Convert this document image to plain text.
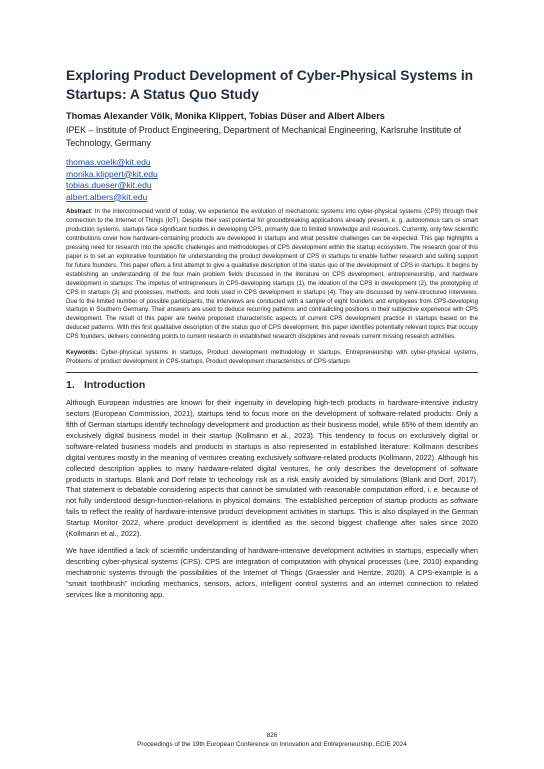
Exploring Product Development of Cyber-Physical Systems in Startups: A Status Quo Study

Thomas Alexander Völk, Monika Klippert, Tobias Düser and Albert Albers

IPEK – Institute of Product Engineering, Department of Mechanical Engineering, Karlsruhe Institute of Technology, Germany

thomas.voelk@kit.edu
monika.klippert@kit.edu
tobias.dueser@kit.edu
albert.albers@kit.edu

Abstract: In the interconnected world of today, we experience the evolution of mechatronic systems into cyber-physical systems (CPS) through their connection to the Internet of Things (IoT). Despite their vast potential for groundbreaking applications already present, e. g. autonomous cars or smart production systems, startups face significant hurdles in developing CPS, primarily due to limited knowledge and resources. Currently, only few scientific contributions cover how hardware-containing products are developed in startups and what possible challenges can be expected. This gap highlights a pressing need for research into the specific challenges and methodologies of CPS development within the startup ecosystem. The research goal of this paper is to set an explorative foundation for understanding the product development of CPS in startups to enable further research and suiting support for future founders. This paper offers a first attempt to give a qualitative description of the status quo of the development of CPS in startups. It begins by establishing an understanding of the four main problem fields discussed in the literature on CPS development, entrepreneurship, and hardware development in startups: The impetus of entrepreneurs in CPS-developing startups (1), the ideation of the CPS in development (2), the prototyping of CPS in startups (3) and processes, methods, and tools used in CPS development in startups (4). They are discussed by semi-structured interviews. Due to the limited number of possible participants, the interviews are conducted with a sample of eight founders and employees from CPS-developing startups in Southern Germany. Their answers are used to deduce recurring patterns and contradicting positions in their subjective experience with CPS development. The result of this paper are twelve proposed characteristic aspects of current CPS development practice in startups based on the deduced patterns. With this first qualitative description of the status quo of CPS development, this paper identifies potentially relevant topics that occupy CPS founders, delivers connecting points to current research in established research disciplines and reveals current missing research activities.

Keywords: Cyber-physical systems in startups, Product development methodology in startups, Entrepreneurship with cyber-physical systems, Problems of product development in CPS-startups, Product development characteristics of CPS-startups

1. Introduction

Although European industries are known for their ingenuity in developing high-tech products in hardware-intensive industry sectors (European Commission, 2021), startups tend to focus more on the development of software-related products: Only a fifth of German startups identify technology development and production as their business model, while 65% of them identify an exclusively digital business model in their startup (Kollmann et al., 2023). This tendency to focus on exclusively digital or software-related business models and products in startups is also represented in established literature: Kollmann describes digital ventures mostly in the meaning of ventures creating exclusively software-related products (Kollmann, 2022). Although his collected description applies to many hardware-related digital ventures, he only describes the development of software products in startups. Blank and Dorf relate to technology risk as a risk easily avoided by simulations (Blank and Dorf, 2017). That statement is debatable considering aspects that cannot be simulated with reasonable computation efford, i. e. because of not fully understood design-function-relations in physical domains. The established perception of startup products as software fails to reflect the reality of hardware-intensive product development activities in startups. This is also displayed in the German Startup Monitor 2022, where product development is identified as the second biggest challenge after sales since 2020 (Kollmann et al., 2022).

We have identified a lack of scientific understanding of hardware-intensive development activities in startups, especially when describing cyber-physical systems (CPS). CPS are integration of computation with physical processes (Lee, 2010) expanding mechatronic systems through the possibilities of the Internet of Things (Graessler and Hentze, 2020). A CPS-example is a “smart toothbrush” including mechanics, sensors, actors, intelligent control systems and an internet connection to related services like a monitoring app.

826
Proceedings of the 19th European Conference on Innovation and Entrepreneurship, ECIE 2024
